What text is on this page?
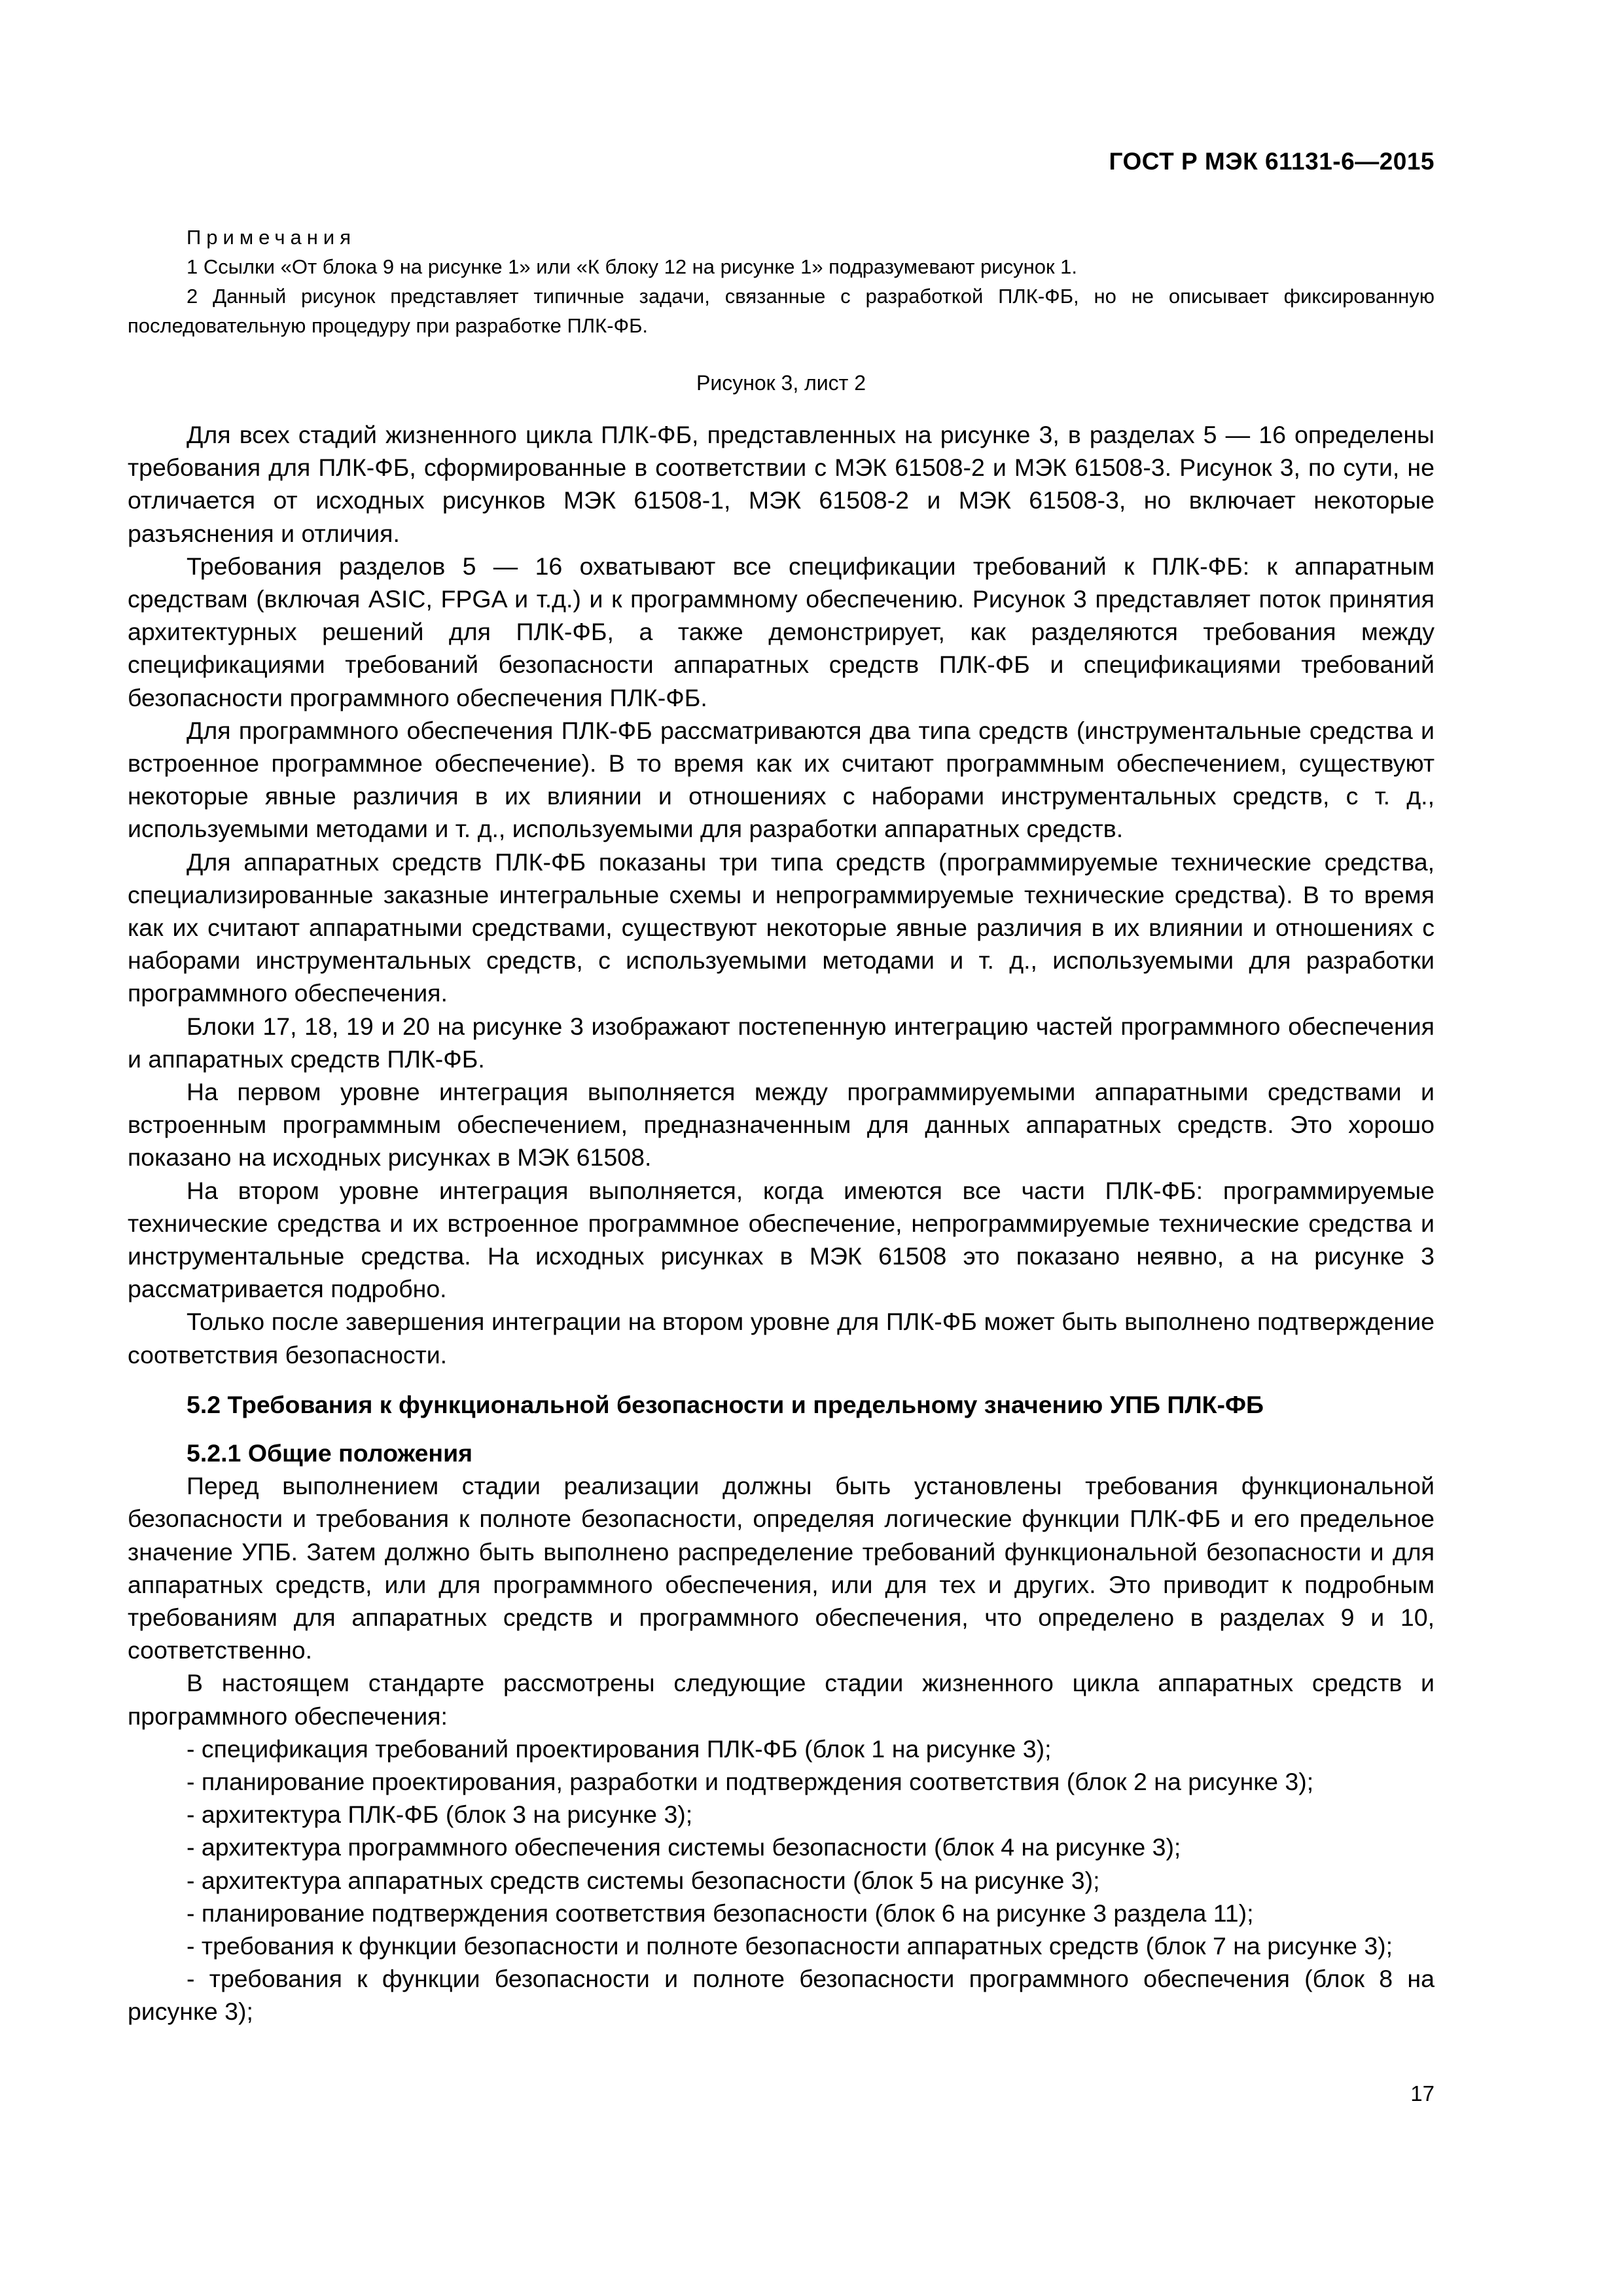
ГОСТ Р МЭК 61131-6—2015
Примечания
1 Ссылки «От блока 9 на рисунке 1» или «К блоку 12 на рисунке 1» подразумевают рисунок 1.
2 Данный рисунок представляет типичные задачи, связанные с разработкой ПЛК-ФБ, но не описывает фиксированную последовательную процедуру при разработке ПЛК-ФБ.
Рисунок 3, лист 2

Для всех стадий жизненного цикла ПЛК-ФБ, представленных на рисунке 3, в разделах 5 — 16 определены требования для ПЛК-ФБ, сформированные в соответствии с МЭК 61508-2 и МЭК 61508-3. Рисунок 3, по сути, не отличается от исходных рисунков МЭК 61508-1, МЭК 61508-2 и МЭК 61508-3, но включает некоторые разъяснения и отличия.

Требования разделов 5 — 16 охватывают все спецификации требований к ПЛК-ФБ: к аппаратным средствам (включая ASIC, FPGA и т.д.) и к программному обеспечению. Рисунок 3 представляет поток принятия архитектурных решений для ПЛК-ФБ, а также демонстрирует, как разделяются требования между спецификациями требований безопасности аппаратных средств ПЛК-ФБ и спецификациями требований безопасности программного обеспечения ПЛК-ФБ.

Для программного обеспечения ПЛК-ФБ рассматриваются два типа средств (инструментальные средства и встроенное программное обеспечение). В то время как их считают программным обеспечением, существуют некоторые явные различия в их влиянии и отношениях с наборами инструментальных средств, с т. д., используемыми методами и т. д., используемыми для разработки аппаратных средств.

Для аппаратных средств ПЛК-ФБ показаны три типа средств (программируемые технические средства, специализированные заказные интегральные схемы и непрограммируемые технические средства). В то время как их считают аппаратными средствами, существуют некоторые явные различия в их влиянии и отношениях с наборами инструментальных средств, с используемыми методами и т. д., используемыми для разработки программного обеспечения.

Блоки 17, 18, 19 и 20 на рисунке 3 изображают постепенную интеграцию частей программного обеспечения и аппаратных средств ПЛК-ФБ.

На первом уровне интеграция выполняется между программируемыми аппаратными средствами и встроенным программным обеспечением, предназначенным для данных аппаратных средств. Это хорошо показано на исходных рисунках в МЭК 61508.

На втором уровне интеграция выполняется, когда имеются все части ПЛК-ФБ: программируемые технические средства и их встроенное программное обеспечение, непрограммируемые технические средства и инструментальные средства. На исходных рисунках в МЭК 61508 это показано неявно, а на рисунке 3 рассматривается подробно.

Только после завершения интеграции на втором уровне для ПЛК-ФБ может быть выполнено подтверждение соответствия безопасности.

5.2 Требования к функциональной безопасности и предельному значению УПБ ПЛК-ФБ
5.2.1 Общие положения

Перед выполнением стадии реализации должны быть установлены требования функциональной безопасности и требования к полноте безопасности, определяя логические функции ПЛК-ФБ и его предельное значение УПБ. Затем должно быть выполнено распределение требований функциональной безопасности и для аппаратных средств, или для программного обеспечения, или для тех и других. Это приводит к подробным требованиям для аппаратных средств и программного обеспечения, что определено в разделах 9 и 10, соответственно.

В настоящем стандарте рассмотрены следующие стадии жизненного цикла аппаратных средств и программного обеспечения:

- спецификация требований проектирования ПЛК-ФБ (блок 1 на рисунке 3);
- планирование проектирования, разработки и подтверждения соответствия (блок 2 на рисунке 3);
- архитектура ПЛК-ФБ (блок 3 на рисунке 3);
- архитектура программного обеспечения системы безопасности (блок 4 на рисунке 3);
- архитектура аппаратных средств системы безопасности (блок 5 на рисунке 3);
- планирование подтверждения соответствия безопасности (блок 6 на рисунке 3 раздела 11);
- требования к функции безопасности и полноте безопасности аппаратных средств (блок 7 на рисунке 3);
- требования к функции безопасности и полноте безопасности программного обеспечения (блок 8 на рисунке 3);
17
